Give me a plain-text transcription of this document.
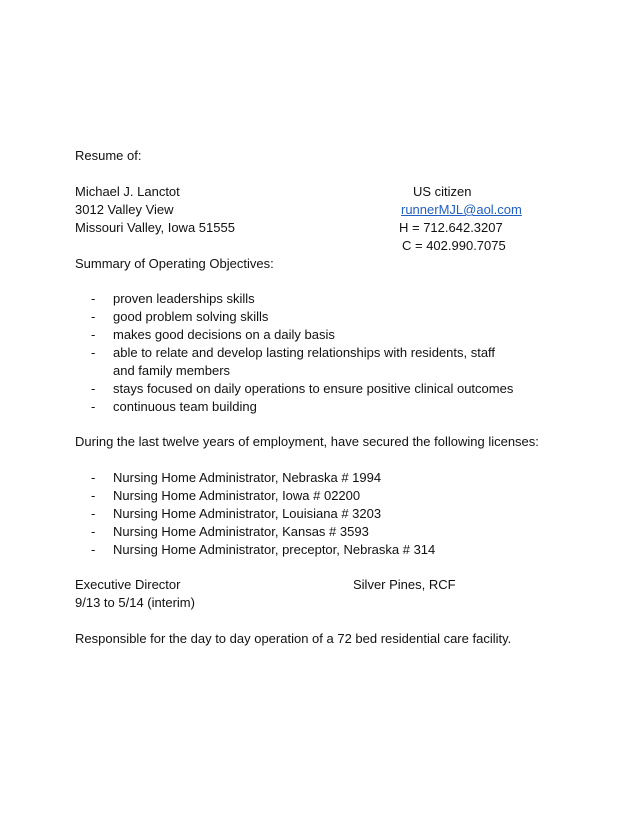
Resume of:
Michael J. Lanctot	US citizen
3012 Valley View	runnerMJL@aol.com
Missouri Valley, Iowa 51555	H = 712.642.3207
C = 402.990.7075
Summary of Operating Objectives:
- proven leaderships skills
- good problem solving skills
- makes good decisions on a daily basis
- able to relate and develop lasting relationships with residents, staff
and family members
- stays focused on daily operations to ensure positive clinical outcomes
- continuous team building
During the last twelve years of employment, have secured the following licenses:
- Nursing Home Administrator, Nebraska # 1994
- Nursing Home Administrator, Iowa # 02200
- Nursing Home Administrator, Louisiana # 3203
- Nursing Home Administrator, Kansas # 3593
- Nursing Home Administrator, preceptor, Nebraska # 314
Executive Director	Silver Pines, RCF
9/13 to 5/14 (interim)
Responsible for the day to day operation of a 72 bed residential care facility.
